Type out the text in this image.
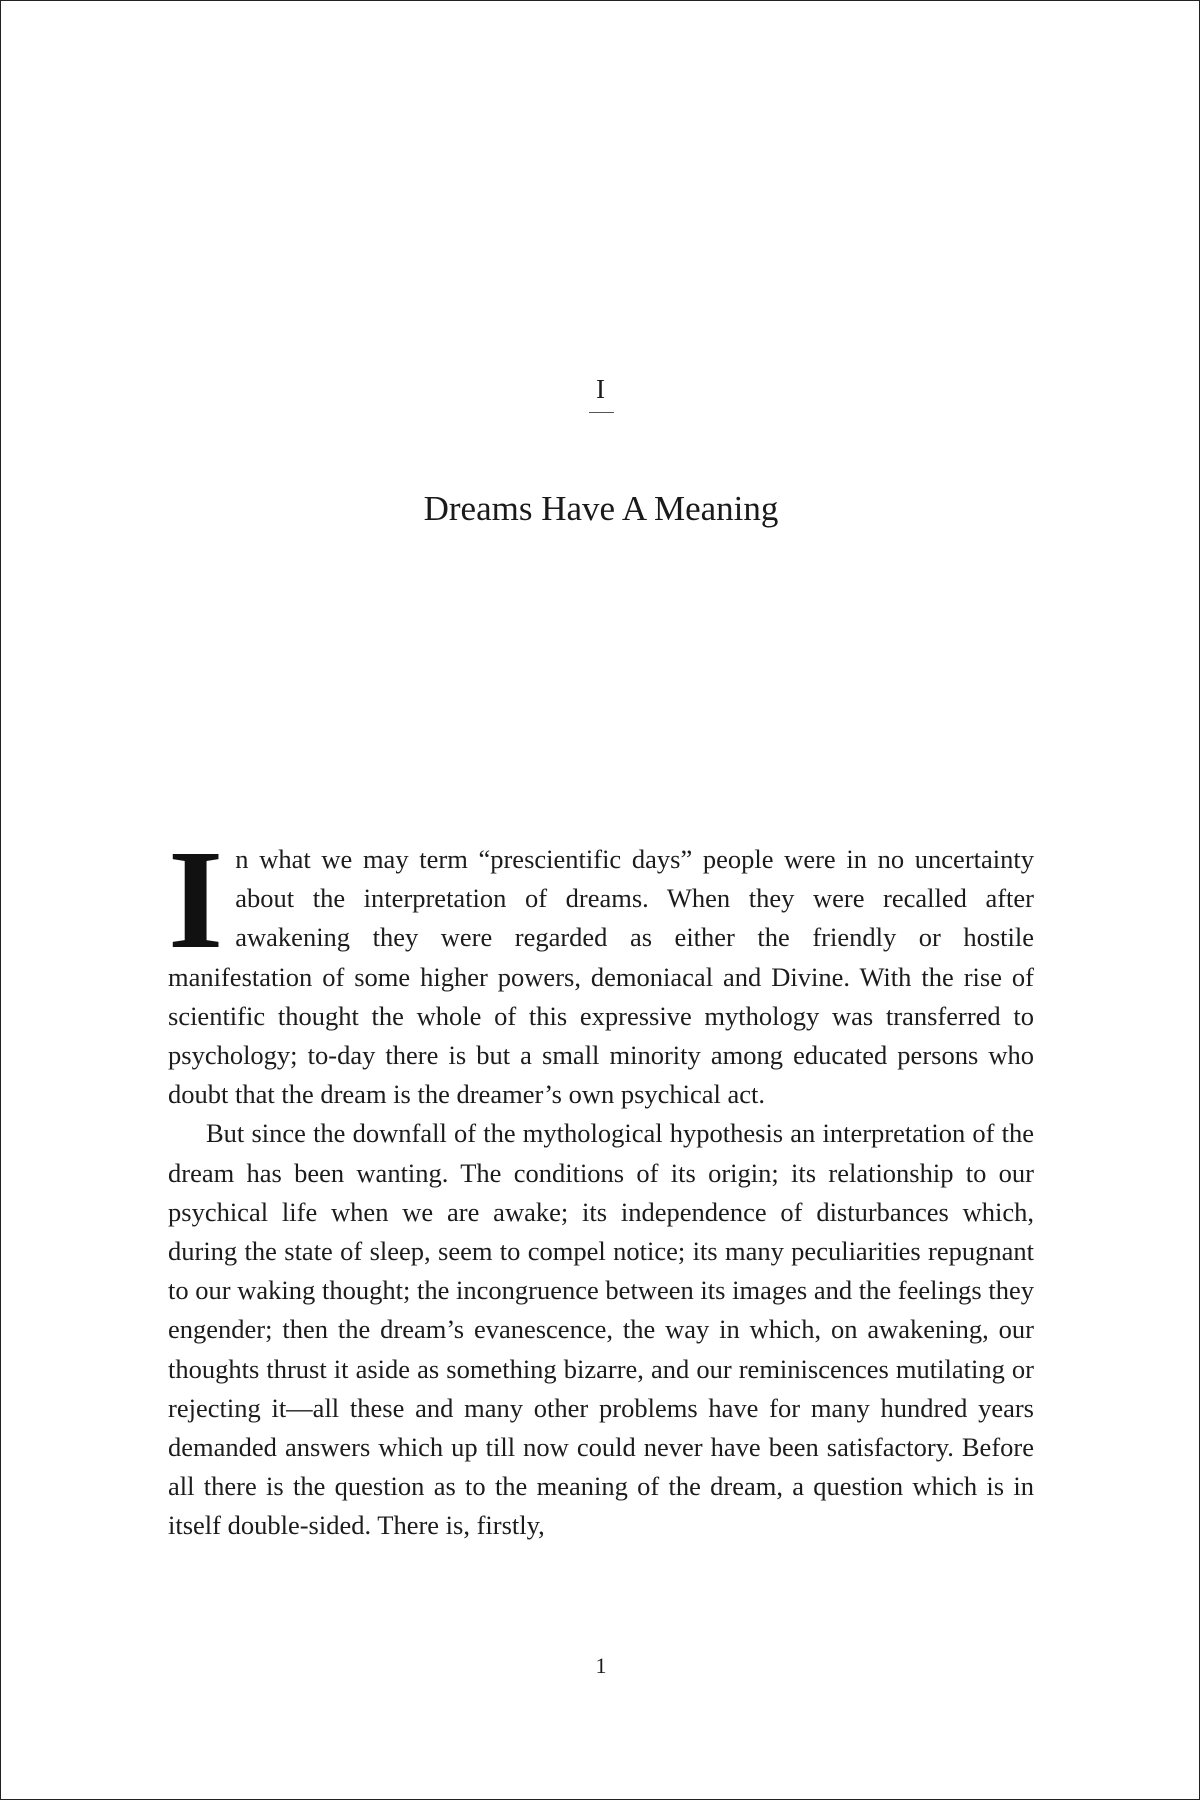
I
Dreams Have A Meaning

In what we may term “prescientific days” people were in no uncertainty about the interpretation of dreams. When they were recalled after awakening they were regarded as either the friendly or hostile manifestation of some higher powers, demoniacal and Divine. With the rise of scientific thought the whole of this expressive mythology was transferred to psychology; to-day there is but a small minority among educated persons who doubt that the dream is the dreamer’s own psychical act.

But since the downfall of the mythological hypothesis an interpretation of the dream has been wanting. The conditions of its origin; its relationship to our psychical life when we are awake; its independence of disturbances which, during the state of sleep, seem to compel notice; its many peculiarities repugnant to our waking thought; the incongruence between its images and the feelings they engender; then the dream’s evanescence, the way in which, on awakening, our thoughts thrust it aside as something bizarre, and our reminiscences mutilating or rejecting it—all these and many other problems have for many hundred years demanded answers which up till now could never have been satisfactory. Before all there is the question as to the meaning of the dream, a question which is in itself double-sided. There is, firstly,

1
